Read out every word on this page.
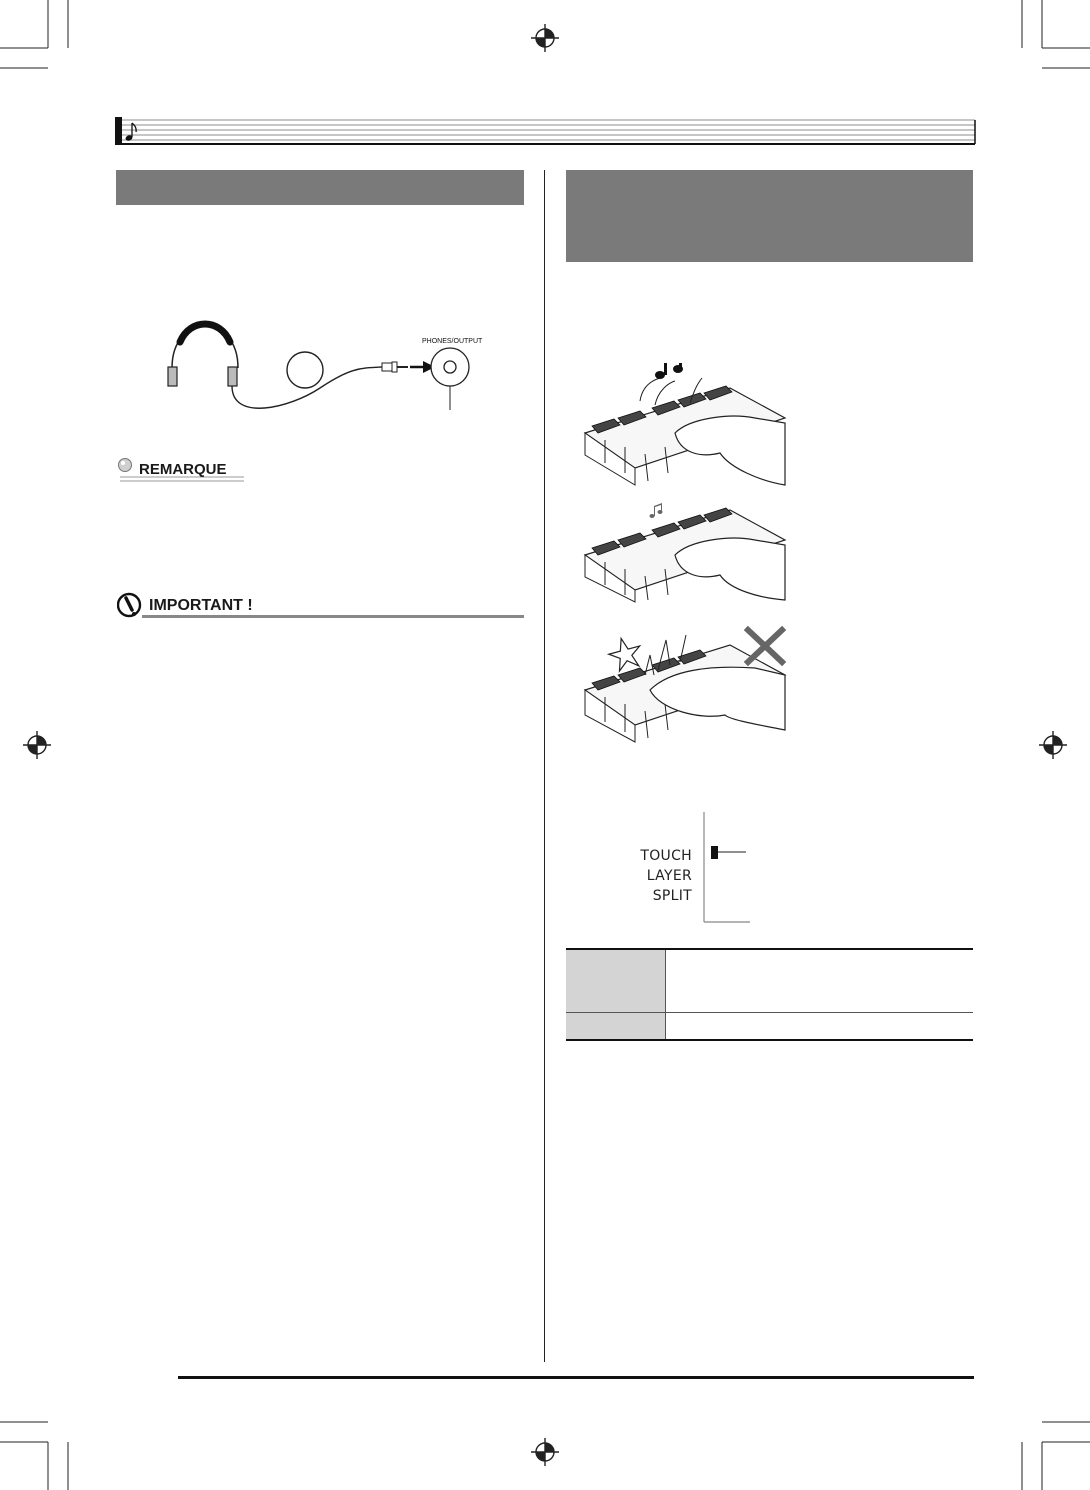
PHONES/OUTPUT
REMARQUE
IMPORTANT !
TOUCH
LAYER
SPLIT
